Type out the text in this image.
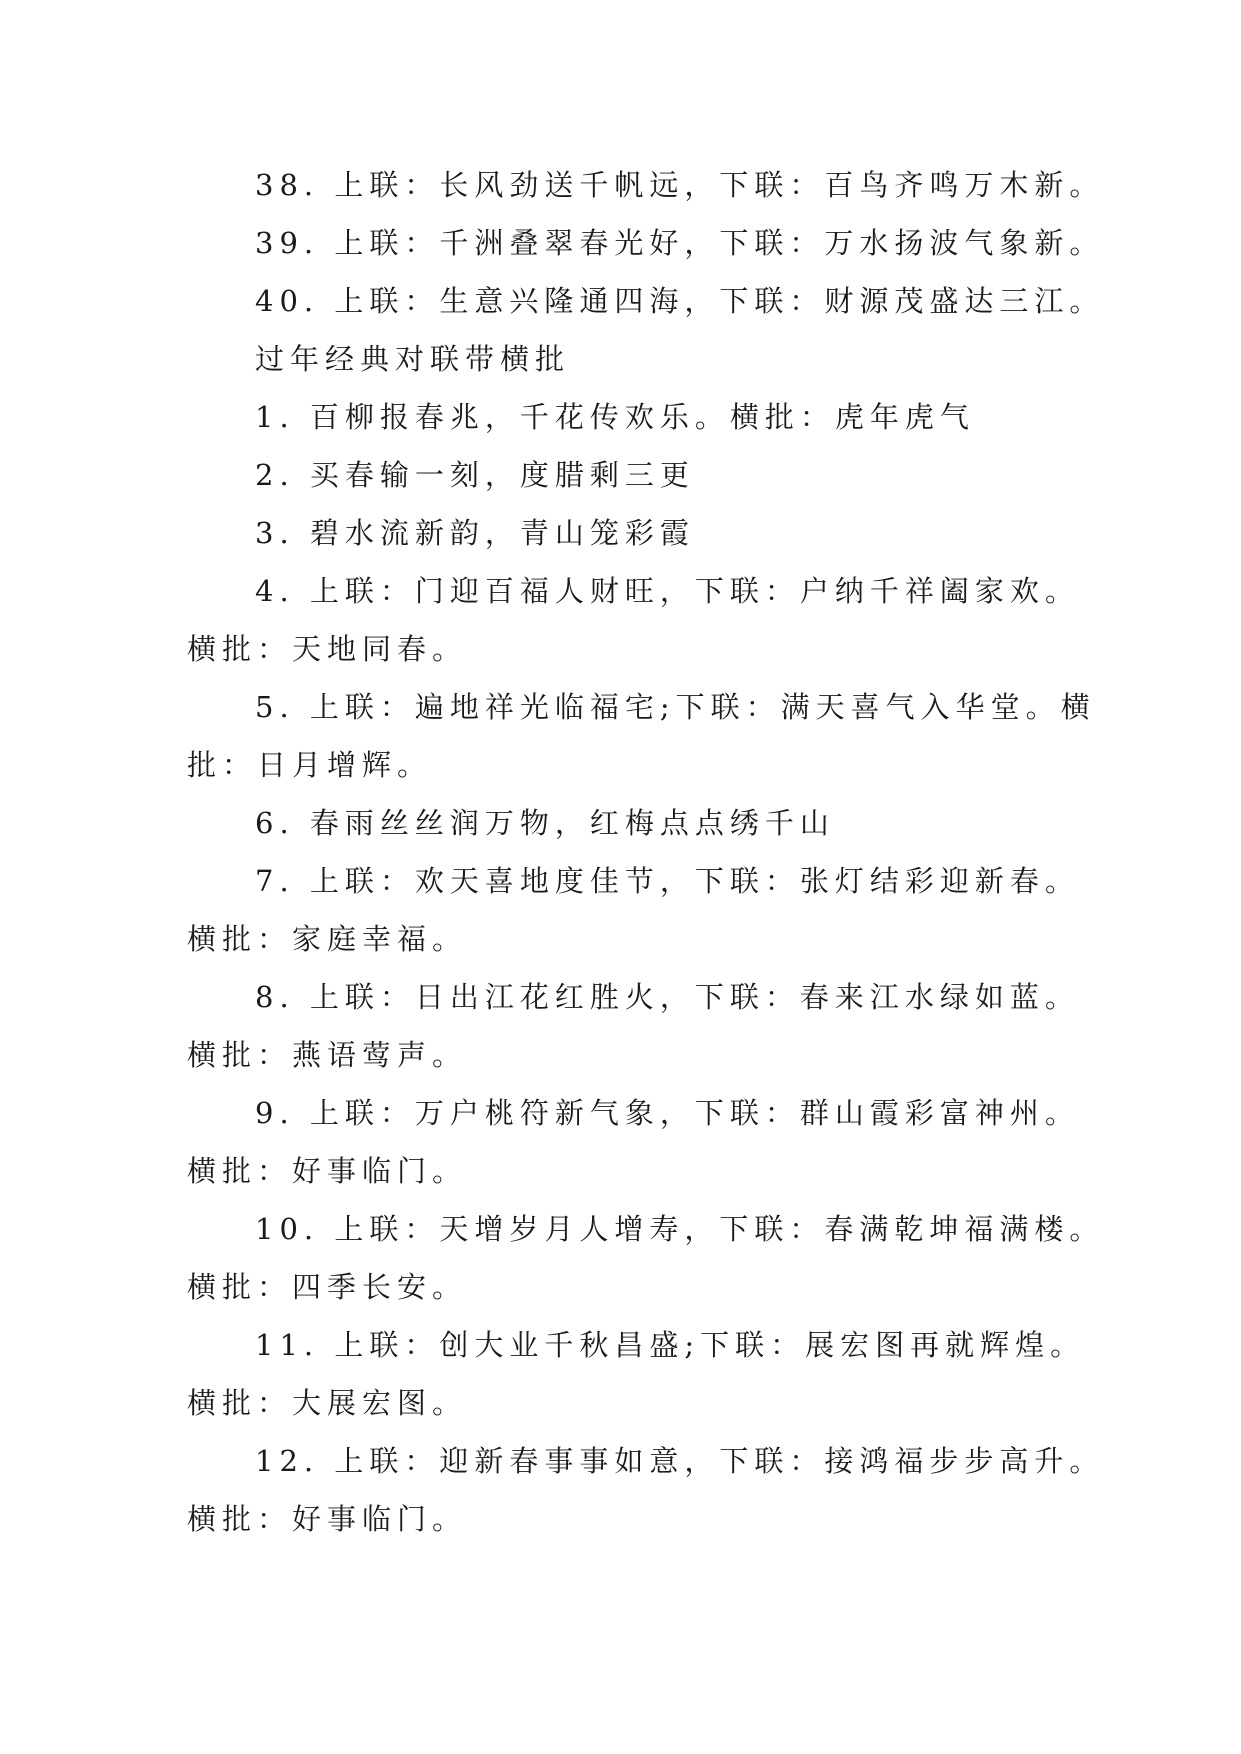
38. 上联：长风劲送千帆远，下联：百鸟齐鸣万木新。
39. 上联：千洲叠翠春光好，下联：万水扬波气象新。
40. 上联：生意兴隆通四海，下联：财源茂盛达三江。
过年经典对联带横批
1. 百柳报春兆，千花传欢乐。横批：虎年虎气
2. 买春输一刻，度腊剩三更
3. 碧水流新韵，青山笼彩霞
4. 上联：门迎百福人财旺，下联：户纳千祥阖家欢。
横批：天地同春。
5. 上联：遍地祥光临福宅;下联：满天喜气入华堂。横
批：日月增辉。
6. 春雨丝丝润万物，红梅点点绣千山
7. 上联：欢天喜地度佳节，下联：张灯结彩迎新春。
横批：家庭幸福。
8. 上联：日出江花红胜火，下联：春来江水绿如蓝。
横批：燕语莺声。
9. 上联：万户桃符新气象，下联：群山霞彩富神州。
横批：好事临门。
10. 上联：天增岁月人增寿，下联：春满乾坤福满楼。
横批：四季长安。
11. 上联：创大业千秋昌盛;下联：展宏图再就辉煌。
横批：大展宏图。
12. 上联：迎新春事事如意，下联：接鸿福步步高升。
横批：好事临门。
